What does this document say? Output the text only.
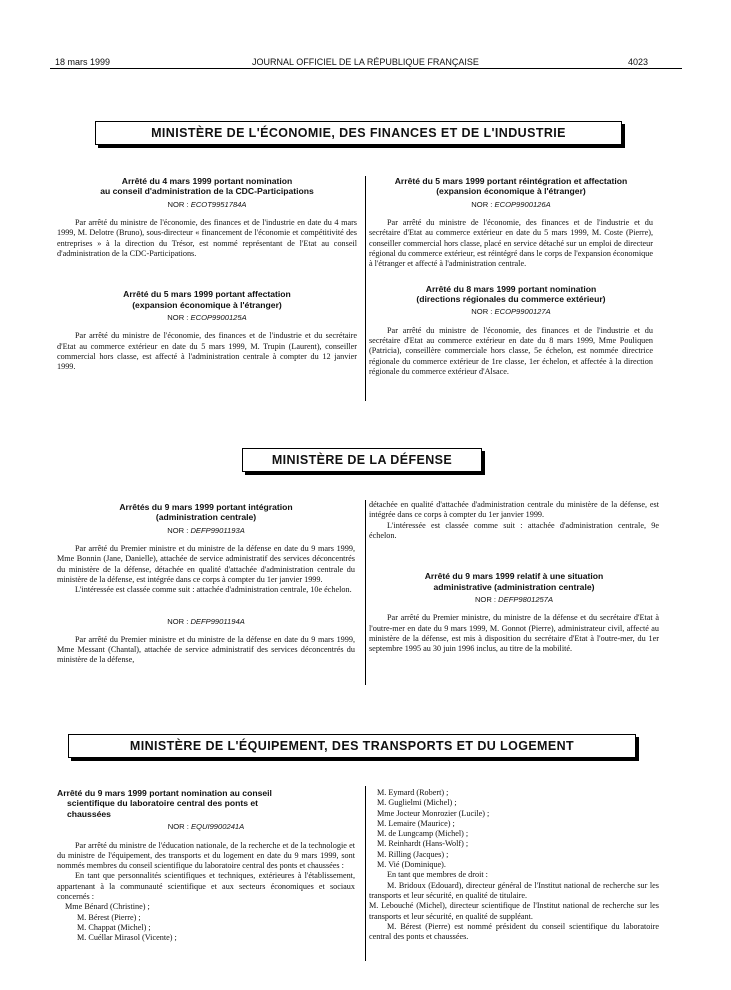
18 mars 1999	JOURNAL OFFICIEL DE LA RÉPUBLIQUE FRANÇAISE	4023
MINISTÈRE DE L'ÉCONOMIE, DES FINANCES ET DE L'INDUSTRIE
Arrêté du 4 mars 1999 portant nomination
au conseil d'administration de la CDC-Participations
NOR : ECOT9951784A

Par arrêté du ministre de l'économie, des finances et de l'industrie en date du 4 mars 1999, M. Delotre (Bruno), sous-directeur « financement de l'économie et compétitivité des entreprises » à la direction du Trésor, est nommé représentant de l'Etat au conseil d'administration de la CDC-Participations.

Arrêté du 5 mars 1999 portant affectation
(expansion économique à l'étranger)
NOR : ECOP9900125A

Par arrêté du ministre de l'économie, des finances et de l'industrie et du secrétaire d'Etat au commerce extérieur en date du 5 mars 1999, M. Trupin (Laurent), conseiller commercial hors classe, est affecté à l'administration centrale à compter du 12 janvier 1999.

Arrêté du 5 mars 1999 portant réintégration et affectation
(expansion économique à l'étranger)
NOR : ECOP9900126A

Par arrêté du ministre de l'économie, des finances et de l'industrie et du secrétaire d'Etat au commerce extérieur en date du 5 mars 1999, M. Coste (Pierre), conseiller commercial hors classe, placé en service détaché sur un emploi de directeur régional du commerce extérieur, est réintégré dans le corps de l'expansion économique à l'étranger et affecté à l'administration centrale.

Arrêté du 8 mars 1999 portant nomination
(directions régionales du commerce extérieur)
NOR : ECOP9900127A

Par arrêté du ministre de l'économie, des finances et de l'industrie et du secrétaire d'Etat au commerce extérieur en date du 8 mars 1999, Mme Pouliquen (Patricia), conseillère commerciale hors classe, 5e échelon, est nommée directrice régionale du commerce extérieur de 1re classe, 1er échelon, et affectée à la direction régionale du commerce extérieur d'Alsace.

MINISTÈRE DE LA DÉFENSE
Arrêtés du 9 mars 1999 portant intégration
(administration centrale)
NOR : DEFP9901193A

Par arrêté du Premier ministre et du ministre de la défense en date du 9 mars 1999, Mme Bonnin (Jane, Danielle), attachée de service administratif des services déconcentrés du ministère de la défense, détachée en qualité d'attachée d'administration centrale du ministère de la défense, est intégrée dans ce corps à compter du 1er janvier 1999.

L'intéressée est classée comme suit : attachée d'administration centrale, 10e échelon.

NOR : DEFP9901194A

Par arrêté du Premier ministre et du ministre de la défense en date du 9 mars 1999, Mme Messant (Chantal), attachée de service administratif des services déconcentrés du ministère de la défense,

détachée en qualité d'attachée d'administration centrale du ministère de la défense, est intégrée dans ce corps à compter du 1er janvier 1999.

L'intéressée est classée comme suit : attachée d'administration centrale, 9e échelon.

Arrêté du 9 mars 1999 relatif à une situation
administrative (administration centrale)
NOR : DEFP9801257A

Par arrêté du Premier ministre, du ministre de la défense et du secrétaire d'Etat à l'outre-mer en date du 9 mars 1999, M. Gonnot (Pierre), administrateur civil, affecté au ministère de la défense, est mis à disposition du secrétaire d'Etat à l'outre-mer, du 1er septembre 1995 au 30 juin 1996 inclus, au titre de la mobilité.

MINISTÈRE DE L'ÉQUIPEMENT, DES TRANSPORTS ET DU LOGEMENT
Arrêté du 9 mars 1999 portant nomination au conseil
scientifique du laboratoire central des ponts et
chaussées
NOR : EQUI9900241A

Par arrêté du ministre de l'éducation nationale, de la recherche et de la technologie et du ministre de l'équipement, des transports et du logement en date du 9 mars 1999, sont nommés membres du conseil scientifique du laboratoire central des ponts et chaussées :

En tant que personnalités scientifiques et techniques, extérieures à l'établissement, appartenant à la communauté scientifique et aux secteurs économiques et sociaux concernés :

Mme Bénard (Christine) ;

M. Bérest (Pierre) ;

M. Chappat (Michel) ;

M. Cuéllar Mirasol (Vicente) ;

M. Eymard (Robert) ;

M. Guglielmi (Michel) ;

Mme Jocteur Monrozier (Lucile) ;

M. Lemaire (Maurice) ;

M. de Lungcamp (Michel) ;

M. Reinhardt (Hans-Wolf) ;

M. Rilling (Jacques) ;

M. Vié (Dominique).

En tant que membres de droit :

M. Bridoux (Edouard), directeur général de l'Institut national de recherche sur les transports et leur sécurité, en qualité de titulaire.

M. Lebouché (Michel), directeur scientifique de l'Institut national de recherche sur les transports et leur sécurité, en qualité de suppléant.

M. Bérest (Pierre) est nommé président du conseil scientifique du laboratoire central des ponts et chaussées.
